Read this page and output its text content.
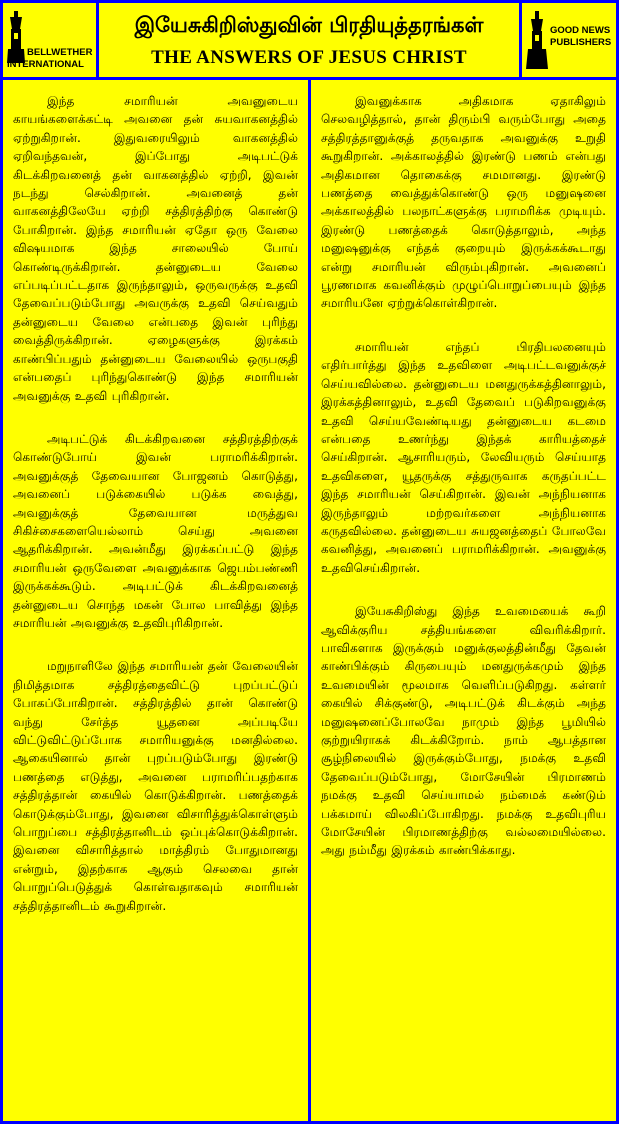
BELLWETHER
INTERNATIONAL
இயேசுகிறிஸ்துவின் பிரதியுத்தரங்கள்
THE ANSWERS OF JESUS CHRIST
GOOD NEWS
PUBLISHERS

இந்த சமாரியன் அவனுடைய காயங்களைக்கட்டி அவனை தன் சுயவாகனத்தில் ஏற்றுகிறான். இதுவரையிலும் வாகனத்தில் ஏறிவந்தவன், இப்போது அடிபட்டுக் கிடக்கிறவனைத் தன் வாகனத்தில் ஏற்றி, இவன் நடந்து செல்கிறான். அவனைத் தன் வாகனத்திலேயே ஏற்றி சத்திரத்திற்கு கொண்டு போகிறான். இந்த சமாரியன் ஏதோ ஒரு வேலை விஷயமாக இந்த சாலையில் போய் கொண்டிருக்கிறான். தன்னுடைய வேலை எப்படிப்பட்டதாக இருந்தாலும், ஒருவருக்கு உதவி தேவைப்படும்போது அவருக்கு உதவி செய்வதும் தன்னுடைய வேலை என்பதை இவன் புரிந்து வைத்திருக்கிறான். ஏழைகளுக்கு இரக்கம் காண்பிப்பதும் தன்னுடைய வேலையில் ஒருபகுதி என்பதைப் புரிந்துகொண்டு இந்த சமாரியன் அவனுக்கு உதவி புரிகிறான்.

அடிபட்டுக் கிடக்கிறவனை சத்திரத்திற்குக் கொண்டுபோய் இவன் பராமரிக்கிறான். அவனுக்குத் தேவையான போஜனம் கொடுத்து, அவனைப் படுக்கையில் படுக்க வைத்து, அவனுக்குத் தேவையான மருத்துவ சிகிச்சைகளையெல்லாம் செய்து அவனை ஆதரிக்கிறான். அவன்மீது இரக்கப்பட்டு இந்த சமாரியன் ஒருவேளை அவனுக்காக ஜெபம்பண்ணி இருக்கக்கூடும். அடிபட்டுக் கிடக்கிறவனைத் தன்னுடைய சொந்த மகன் போல பாவித்து இந்த சமாரியன் அவனுக்கு உதவிபுரிகிறான்.

மறுநாளிலே இந்த சமாரியன் தன் வேலையின் நிமித்தமாக சத்திரத்தைவிட்டு புறப்பட்டுப் போகப்போகிறான். சத்திரத்தில் தான் கொண்டு வந்து சேர்த்த யூதனை அப்படியே விட்டுவிட்டுப்போக சமாரியனுக்கு மனதில்லை. ஆகையினால் தான் புறப்படும்போது இரண்டு பணத்தை எடுத்து, அவனை பராமரிப்பதற்காக சத்திரத்தான் கையில் கொடுக்கிறான். பணத்தைக் கொடுக்கும்போது, இவனை விசாரித்துக்கொள்ளும் பொறுப்பை சத்திரத்தானிடம் ஒப்புக்கொடுக்கிறான். இவனை விசாரித்தால் மாத்திரம் போதுமானது என்றும், இதற்காக ஆகும் செலவை தான் பொறுப்பெடுத்துக் கொள்வதாகவும் சமாரியன் சத்திரத்தானிடம் கூறுகிறான்.

இவனுக்காக அதிகமாக ஏதாகிலும் செலவழித்தால், தான் திரும்பி வரும்போது அதை சத்திரத்தானுக்குத் தருவதாக அவனுக்கு உறுதி கூறுகிறான். அக்காலத்தில் இரண்டு பணம் என்பது அதிகமான தொகைக்கு சமமானது. இரண்டு பணத்தை வைத்துக்கொண்டு ஒரு மனுஷனை அக்காலத்தில் பலநாட்களுக்கு பராமரிக்க முடியும். இரண்டு பணத்தைக் கொடுத்தாலும், அந்த மனுஷனுக்கு எந்தக் குறையும் இருக்கக்கூடாது என்று சமாரியன் விரும்புகிறான். அவனைப் பூரணமாக கவனிக்கும் முழுப்பொறுப்பையும் இந்த சமாரியனே ஏற்றுக்கொள்கிறான்.

சமாரியன் எந்தப் பிரதிபலனையும் எதிர்பார்த்து இந்த உதவிளை அடிபட்டவனுக்குச் செய்யவில்லை. தன்னுடைய மனதுருக்கத்தினாலும், இரக்கத்தினாலும், உதவி தேவைப் படுகிறவனுக்கு உதவி செய்யவேண்டியது தன்னுடைய கடமை என்பதை உணர்ந்து இந்தக் காரியத்தைச் செய்கிறான். ஆசாரியரும், லேவியரும் செய்யாத உதவிகளை, யூதருக்கு சத்துருவாக கருதப்பட்ட இந்த சமாரியன் செய்கிறான். இவன் அந்நியனாக இருந்தாலும் மற்றவர்களை அந்நியனாக கருதவில்லை. தன்னுடைய சுயஜனத்தைப் போலவே கவனித்து, அவனைப் பராமரிக்கிறான். அவனுக்கு உதவிசெய்கிறான்.

இயேசுகிறிஸ்து இந்த உவமையைக் கூறி ஆவிக்குரிய சத்தியங்களை விவரிக்கிறார். பாவிகளாக இருக்கும் மனுக்குலத்தின்மீது தேவன் காண்பிக்கும் கிருபையும் மனதுருக்கமும் இந்த உவமையின் மூலமாக வெளிப்படுகிறது. கள்ளர் கையில் சிக்குண்டு, அடிபட்டுக் கிடக்கும் அந்த மனுஷனைப்போலவே நாமும் இந்த பூமியில் குற்றுயிராகக் கிடக்கிறோம். நாம் ஆபத்தான சூழ்நிலையில் இருக்கும்போது, நமக்கு உதவி தேவைப்படும்போது, மோசேயின் பிரமாணம் நமக்கு உதவி செய்யாமல் நம்மைக் கண்டும் பக்கமாய் விலகிப்போகிறது. நமக்கு உதவிபுரிய மோசேயின் பிரமாணத்திற்கு வல்லமையில்லை. அது நம்மீது இரக்கம் காண்பிக்காது.
